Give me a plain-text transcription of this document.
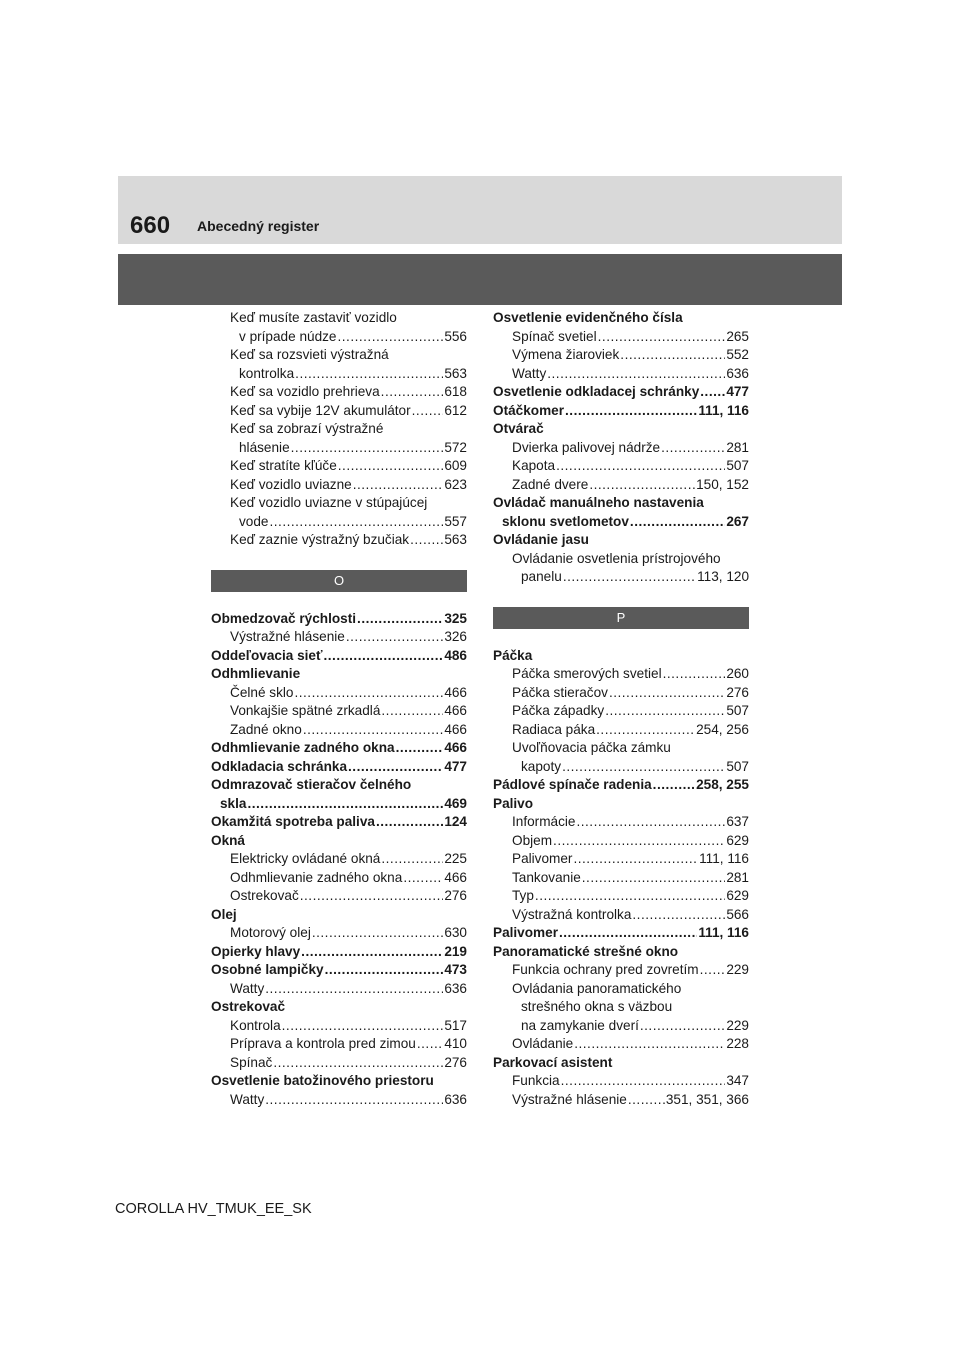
660 Abecedný register
Keď musíte zastaviť vozidlo
v prípade núdze .....	556
Keď sa rozsvieti výstražná
kontrolka .....	563
Keď sa vozidlo prehrieva .....	618
Keď sa vybije 12V akumulátor ..... 612
Keď sa zobrazí výstražné
hlásenie .....	572
Keď stratíte kľúče .....	609
Keď vozidlo uviazne .....	623
Keď vozidlo uviazne v stúpajúcej
vode .....	557
Keď zaznie výstražný bzučiak .....	563
O
Obmedzovač rýchlosti .....	325
Výstražné hlásenie .....	326
Oddeľovacia sieť .....	486
Odhmlievanie
Čelné sklo .....	466
Vonkajšie spätné zrkadlá .....	466
Zadné okno .....	466
Odhmlievanie zadného okna .....	466
Odkladacia schránka .....	477
Odmrazovač stieračov čelného
skla .....	469
Okamžitá spotreba paliva .....	124
Okná
Elektricky ovládané okná .....	225
Odhmlievanie zadného okna .....	466
Ostrekovač .....	276
Olej
Motorový olej .....	630
Opierky hlavy .....	219
Osobné lampičky .....	473
Watty .....	636
Ostrekovač
Kontrola .....	517
Príprava a kontrola pred zimou ..... 410
Spínač .....	276
Osvetlenie batožinového priestoru
Watty .....	636
Osvetlenie evidenčného čísla
Spínač svetiel .....	265
Výmena žiaroviek .....	552
Watty .....	636
Osvetlenie odkladacej schránky ..... 477
Otáčkomer .....	111, 116
Otvárač
Dvierka palivovej nádrže .....	281
Kapota .....	507
Zadné dvere .....	150, 152
Ovládač manuálneho nastavenia
sklonu svetlometov .....	267
Ovládanie jasu
Ovládanie osvetlenia prístrojového
panelu .....	113, 120
P
Páčka
Páčka smerových svetiel .....	260
Páčka stieračov .....	276
Páčka západky .....	507
Radiaca páka .....	254, 256
Uvoľňovacia páčka zámku
kapoty .....	507
Pádlové spínače radenia .....	258, 255
Palivo
Informácie .....	637
Objem .....	629
Palivomer .....	111, 116
Tankovanie .....	281
Typ .....	629
Výstražná kontrolka .....	566
Palivomer .....	111, 116
Panoramatické strešné okno
Funkcia ochrany pred zovretím ..... 229
Ovládania panoramatického
strešného okna s väzbou
na zamykanie dverí .....	229
Ovládanie .....	228
Parkovací asistent
Funkcia .....	347
Výstražné hlásenie .....	351, 351, 366
COROLLA HV_TMUK_EE_SK
